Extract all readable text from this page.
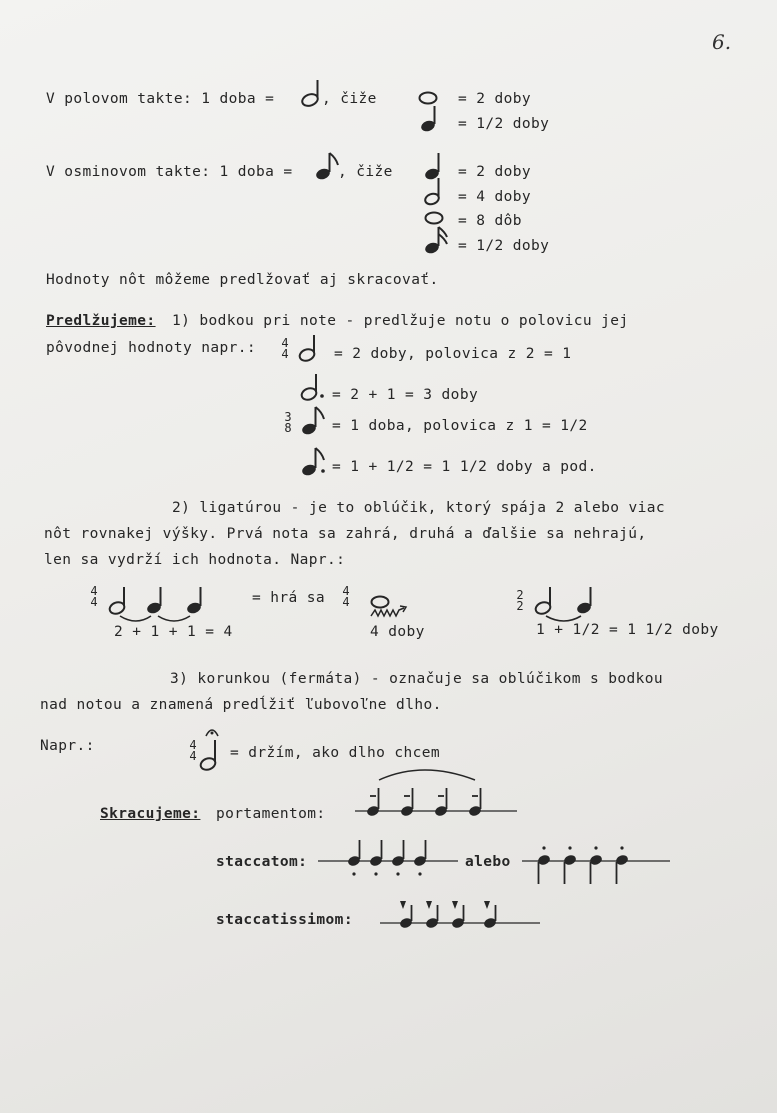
6.
V polovom takte: 1 doba =	, čiže	= 2 doby
= 1/2 doby
V osminovom takte: 1 doba =	, čiže	= 2 doby
= 4 doby
= 8 dôb
= 1/2 doby
Hodnoty nôt môžeme predlžovať aj skracovať.
Predlžujeme: 1) bodkou pri note - predlžuje notu o polovicu jej
pôvodnej hodnoty napr.: 4
4	= 2 doby, polovica z 2 = 1
= 2 + 1 = 3 doby
3
8	= 1 doba, polovica z 1 = 1/2
= 1 + 1/2 = 1 1/2 doby a pod.
2) ligatúrou - je to oblúčik, ktorý spája 2 alebo viac
nôt rovnakej výšky. Prvá nota sa zahrá, druhá a ďalšie sa nehrajú,
len sa vydrží ich hodnota. Napr.:
4
4
2 + 1 + 1 = 4
= hrá sa 4
4
4 doby
2
2
1 + 1/2 = 1 1/2 doby
3) korunkou (fermáta) - označuje sa oblúčikom s bodkou
nad notou a znamená predĺžiť ľubovoľne dlho.
Napr.:	4
4 = držím, ako dlho chcem
Skracujeme: portamentom:
staccatom:	alebo
staccatissimom:
